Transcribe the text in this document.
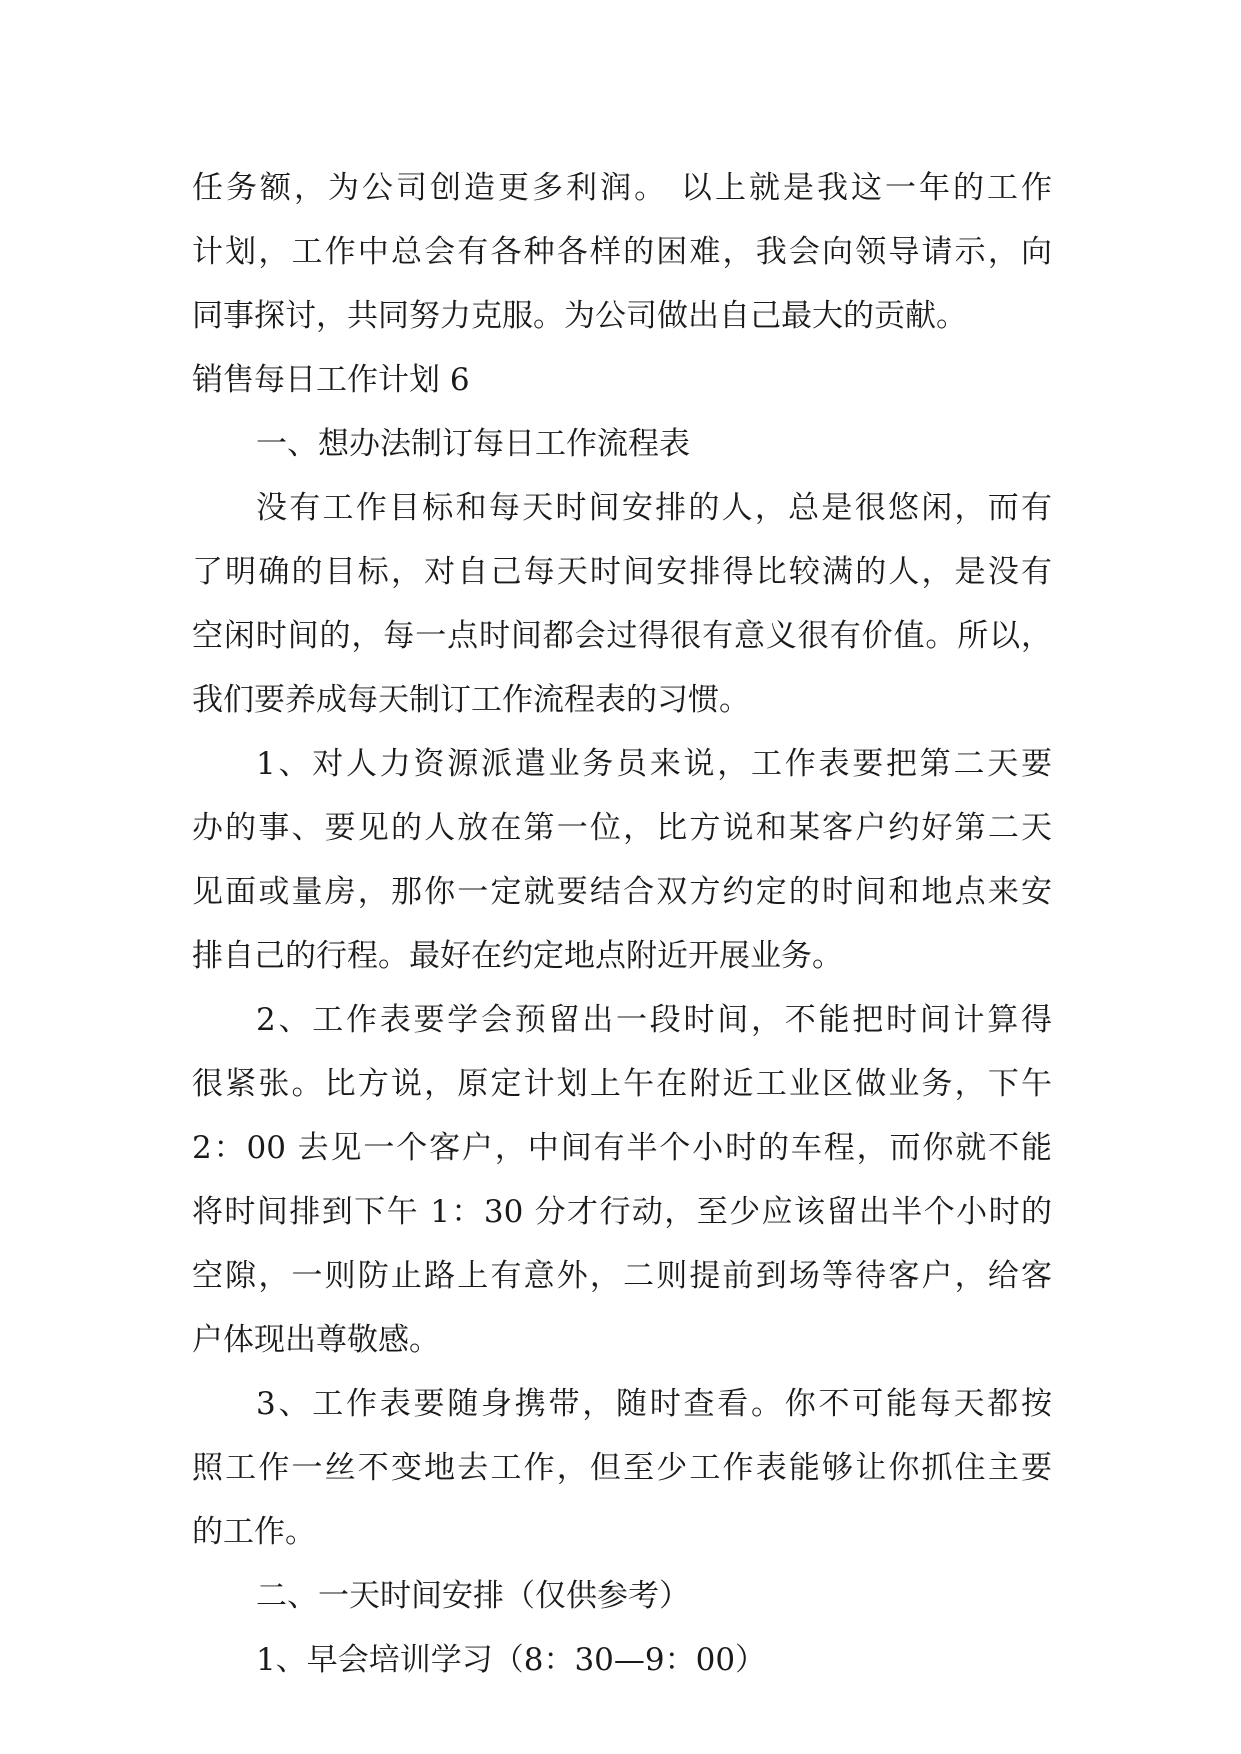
任务额，为公司创造更多利润。 以上就是我这一年的工作
计划，工作中总会有各种各样的困难，我会向领导请示，向
同事探讨，共同努力克服。为公司做出自己最大的贡献。
销售每日工作计划 6
一、想办法制订每日工作流程表
没有工作目标和每天时间安排的人，总是很悠闲，而有
了明确的目标，对自己每天时间安排得比较满的人，是没有
空闲时间的，每一点时间都会过得很有意义很有价值。所以，
我们要养成每天制订工作流程表的习惯。
1、对人力资源派遣业务员来说，工作表要把第二天要
办的事、要见的人放在第一位，比方说和某客户约好第二天
见面或量房，那你一定就要结合双方约定的时间和地点来安
排自己的行程。最好在约定地点附近开展业务。
2、工作表要学会预留出一段时间，不能把时间计算得
很紧张。比方说，原定计划上午在附近工业区做业务，下午
2：00 去见一个客户，中间有半个小时的车程，而你就不能
将时间排到下午 1：30 分才行动，至少应该留出半个小时的
空隙，一则防止路上有意外，二则提前到场等待客户，给客
户体现出尊敬感。
3、工作表要随身携带，随时查看。你不可能每天都按
照工作一丝不变地去工作，但至少工作表能够让你抓住主要
的工作。
二、一天时间安排（仅供参考）
1、早会培训学习（8：30—9：00）
